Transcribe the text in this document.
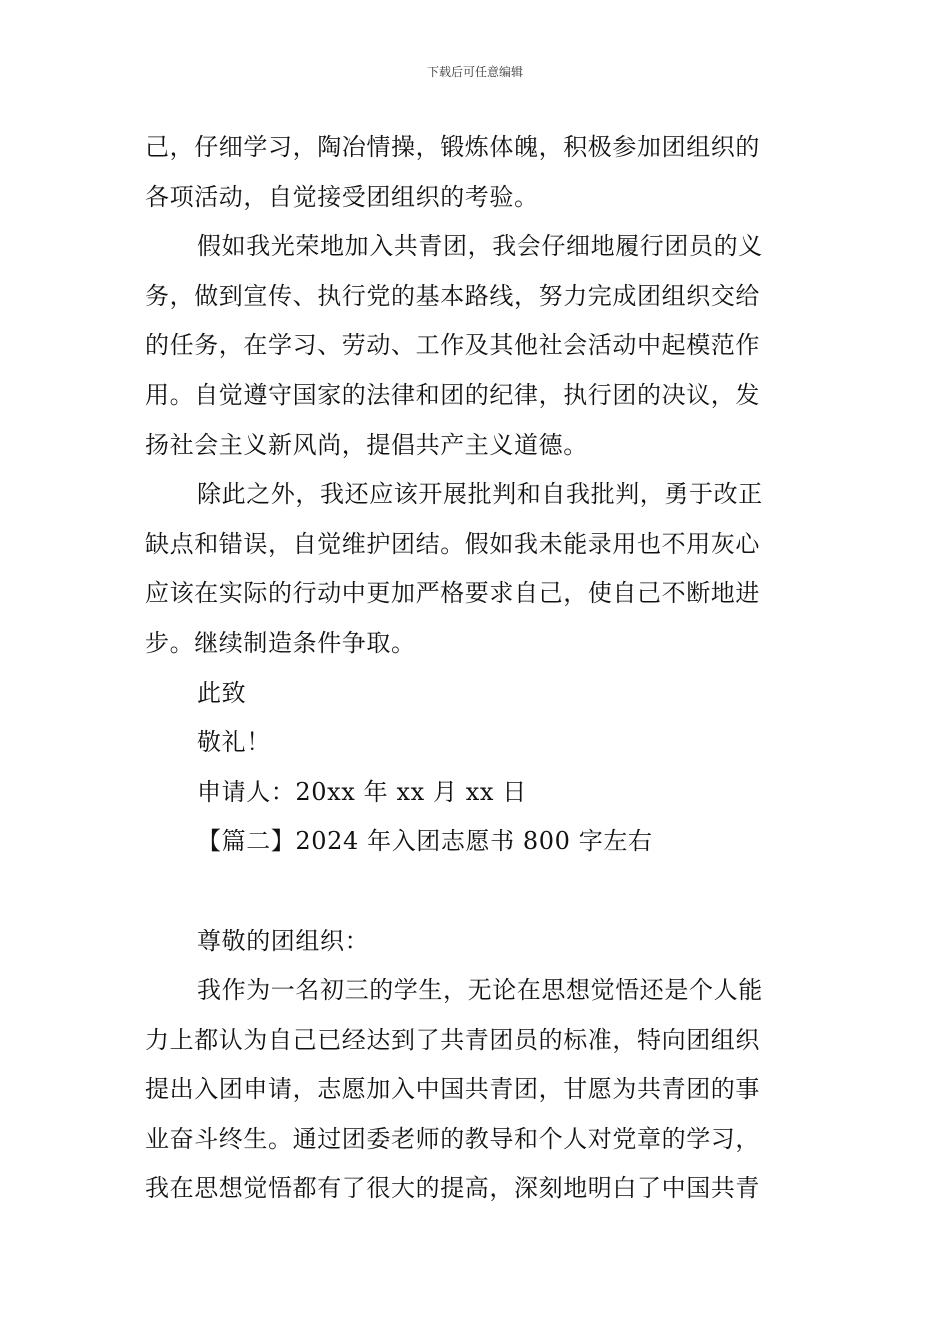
下载后可任意编辑
己，仔细学习，陶冶情操，锻炼体魄，积极参加团组织的
各项活动，自觉接受团组织的考验。
假如我光荣地加入共青团，我会仔细地履行团员的义
务，做到宣传、执行党的基本路线，努力完成团组织交给
的任务，在学习、劳动、工作及其他社会活动中起模范作
用。自觉遵守国家的法律和团的纪律，执行团的决议，发
扬社会主义新风尚，提倡共产主义道德。
除此之外，我还应该开展批判和自我批判，勇于改正
缺点和错误，自觉维护团结。假如我未能录用也不用灰心
应该在实际的行动中更加严格要求自己，使自己不断地进
步。继续制造条件争取。
此致
敬礼！
申请人：20xx 年 xx 月 xx 日
【篇二】2024 年入团志愿书 800 字左右
尊敬的团组织：
我作为一名初三的学生，无论在思想觉悟还是个人能
力上都认为自己已经达到了共青团员的标准，特向团组织
提出入团申请，志愿加入中国共青团，甘愿为共青团的事
业奋斗终生。通过团委老师的教导和个人对党章的学习，
我在思想觉悟都有了很大的提高，深刻地明白了中国共青
